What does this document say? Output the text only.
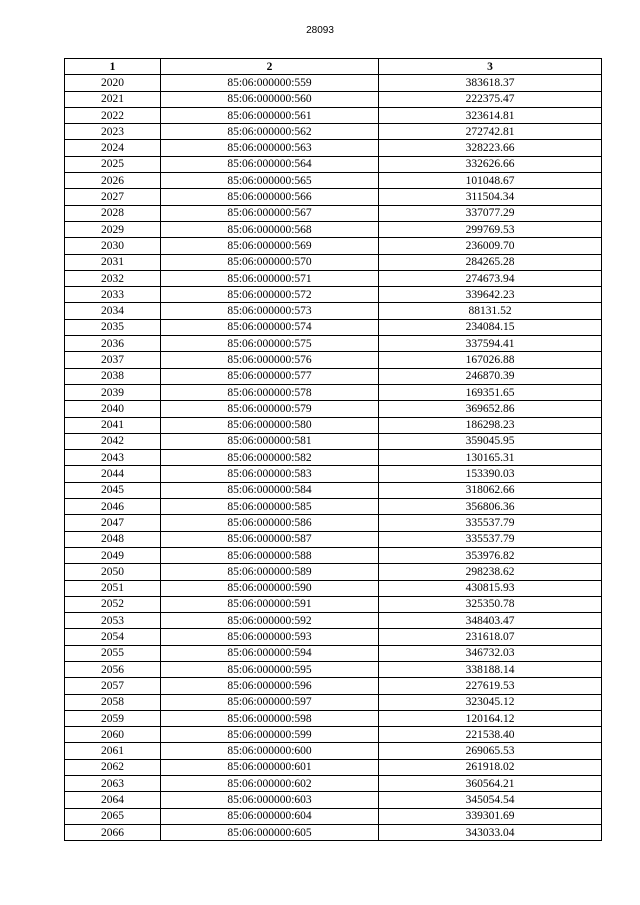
28093
1	2	3
2020	85:06:000000:559	383618.37
2021	85:06:000000:560	222375.47
2022	85:06:000000:561	323614.81
2023	85:06:000000:562	272742.81
2024	85:06:000000:563	328223.66
2025	85:06:000000:564	332626.66
2026	85:06:000000:565	101048.67
2027	85:06:000000:566	311504.34
2028	85:06:000000:567	337077.29
2029	85:06:000000:568	299769.53
2030	85:06:000000:569	236009.70
2031	85:06:000000:570	284265.28
2032	85:06:000000:571	274673.94
2033	85:06:000000:572	339642.23
2034	85:06:000000:573	88131.52
2035	85:06:000000:574	234084.15
2036	85:06:000000:575	337594.41
2037	85:06:000000:576	167026.88
2038	85:06:000000:577	246870.39
2039	85:06:000000:578	169351.65
2040	85:06:000000:579	369652.86
2041	85:06:000000:580	186298.23
2042	85:06:000000:581	359045.95
2043	85:06:000000:582	130165.31
2044	85:06:000000:583	153390.03
2045	85:06:000000:584	318062.66
2046	85:06:000000:585	356806.36
2047	85:06:000000:586	335537.79
2048	85:06:000000:587	335537.79
2049	85:06:000000:588	353976.82
2050	85:06:000000:589	298238.62
2051	85:06:000000:590	430815.93
2052	85:06:000000:591	325350.78
2053	85:06:000000:592	348403.47
2054	85:06:000000:593	231618.07
2055	85:06:000000:594	346732.03
2056	85:06:000000:595	338188.14
2057	85:06:000000:596	227619.53
2058	85:06:000000:597	323045.12
2059	85:06:000000:598	120164.12
2060	85:06:000000:599	221538.40
2061	85:06:000000:600	269065.53
2062	85:06:000000:601	261918.02
2063	85:06:000000:602	360564.21
2064	85:06:000000:603	345054.54
2065	85:06:000000:604	339301.69
2066	85:06:000000:605	343033.04
